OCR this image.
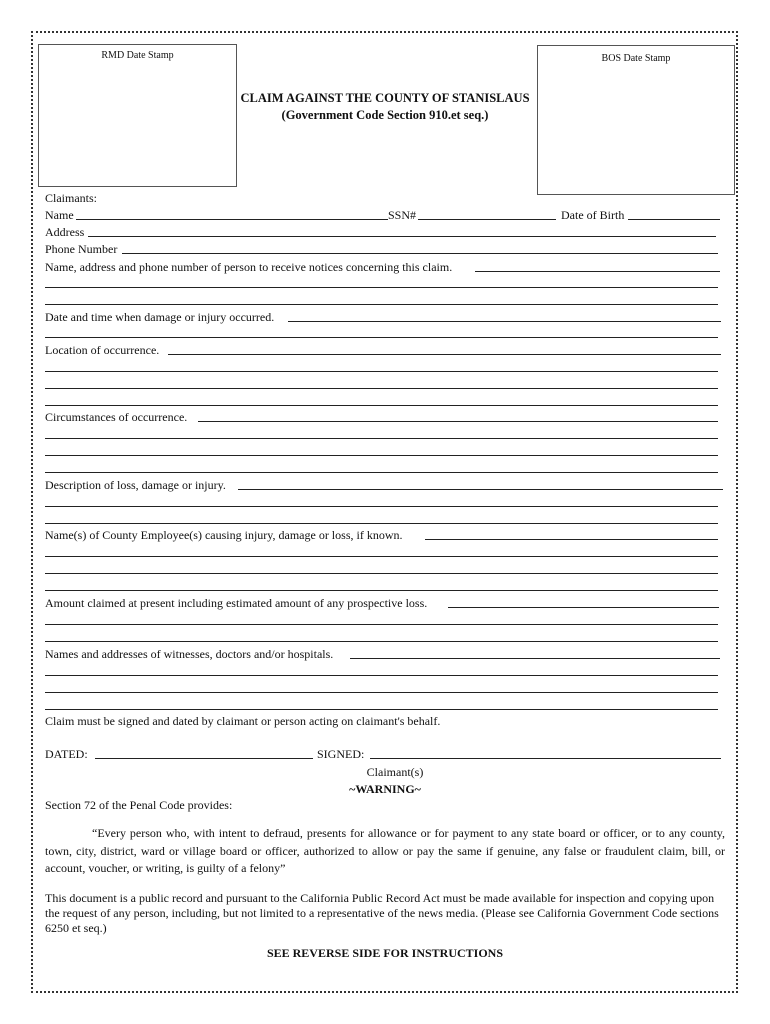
RMD Date Stamp	BOS Date Stamp
CLAIM AGAINST THE COUNTY OF STANISLAUS
(Government Code Section 910.et seq.)
Claimants:
Name	SSN#	Date of Birth
Address
Phone Number
Name, address and phone number of person to receive notices concerning this claim.
Date and time when damage or injury occurred.
Location of occurrence.
Circumstances of occurrence.
Description of loss, damage or injury.
Name(s) of County Employee(s) causing injury, damage or loss, if known.
Amount claimed at present including estimated amount of any prospective loss.
Names and addresses of witnesses, doctors and/or hospitals.
Claim must be signed and dated by claimant or person acting on claimant's behalf.
DATED:	SIGNED:
Claimant(s)
~WARNING~
Section 72 of the Penal Code provides:
“Every person who, with intent to defraud, presents for allowance or for payment to any state board or officer, or to any county, town, city, district, ward or village board or officer, authorized to allow or pay the same if genuine, any false or fraudulent claim, bill, or account, voucher, or writing, is guilty of a felony”
This document is a public record and pursuant to the California Public Record Act must be made available for inspection and copying upon the request of any person, including, but not limited to a representative of the news media. (Please see California Government Code sections 6250 et seq.)
SEE REVERSE SIDE FOR INSTRUCTIONS
